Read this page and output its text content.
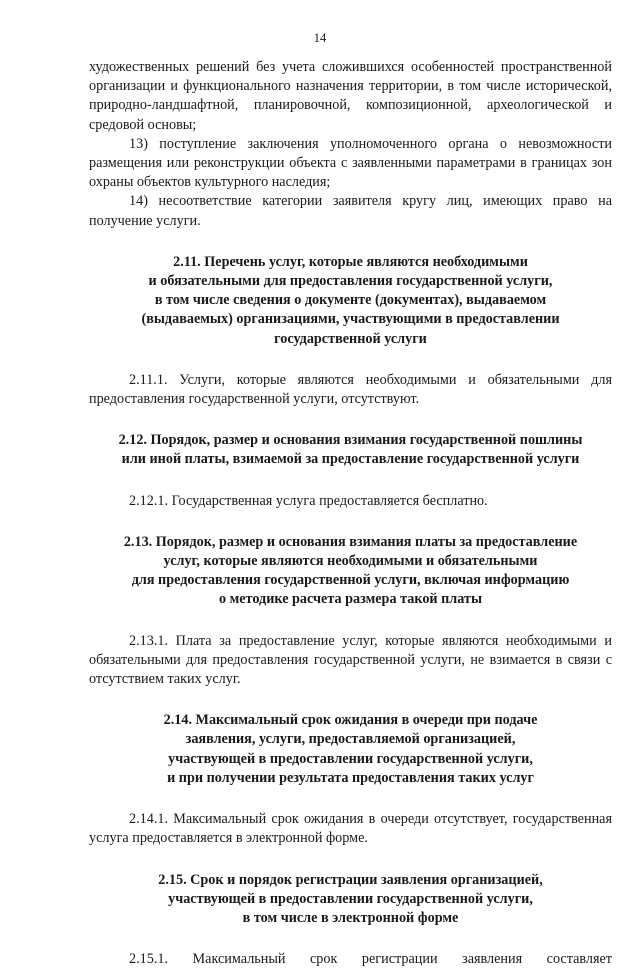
14

художественных решений без учета сложившихся особенностей пространственной организации и функционального назначения территории, в том числе исторической, природно-ландшафтной, планировочной, композиционной, археологической и средовой основы;

13) поступление заключения уполномоченного органа о невозможности размещения или реконструкции объекта с заявленными параметрами в границах зон охраны объектов культурного наследия;

14) несоответствие категории заявителя кругу лиц, имеющих право на получение услуги.

2.11. Перечень услуг, которые являются необходимыми
и обязательными для предоставления государственной услуги,
в том числе сведения о документе (документах), выдаваемом
(выдаваемых) организациями, участвующими в предоставлении
государственной услуги

2.11.1. Услуги, которые являются необходимыми и обязательными для предоставления государственной услуги, отсутствуют.

2.12. Порядок, размер и основания взимания государственной пошлины
или иной платы, взимаемой за предоставление государственной услуги

2.12.1. Государственная услуга предоставляется бесплатно.

2.13. Порядок, размер и основания взимания платы за предоставление
услуг, которые являются необходимыми и обязательными
для предоставления государственной услуги, включая информацию
о методике расчета размера такой платы

2.13.1. Плата за предоставление услуг, которые являются необходимыми и обязательными для предоставления государственной услуги, не взимается в связи с отсутствием таких услуг.

2.14. Максимальный срок ожидания в очереди при подаче
заявления, услуги, предоставляемой организацией,
участвующей в предоставлении государственной услуги,
и при получении результата предоставления таких услуг

2.14.1. Максимальный срок ожидания в очереди отсутствует, государственная услуга предоставляется в электронной форме.

2.15. Срок и порядок регистрации заявления организацией,
участвующей в предоставлении государственной услуги,
в том числе в электронной форме

2.15.1. Максимальный срок регистрации заявления составляет
